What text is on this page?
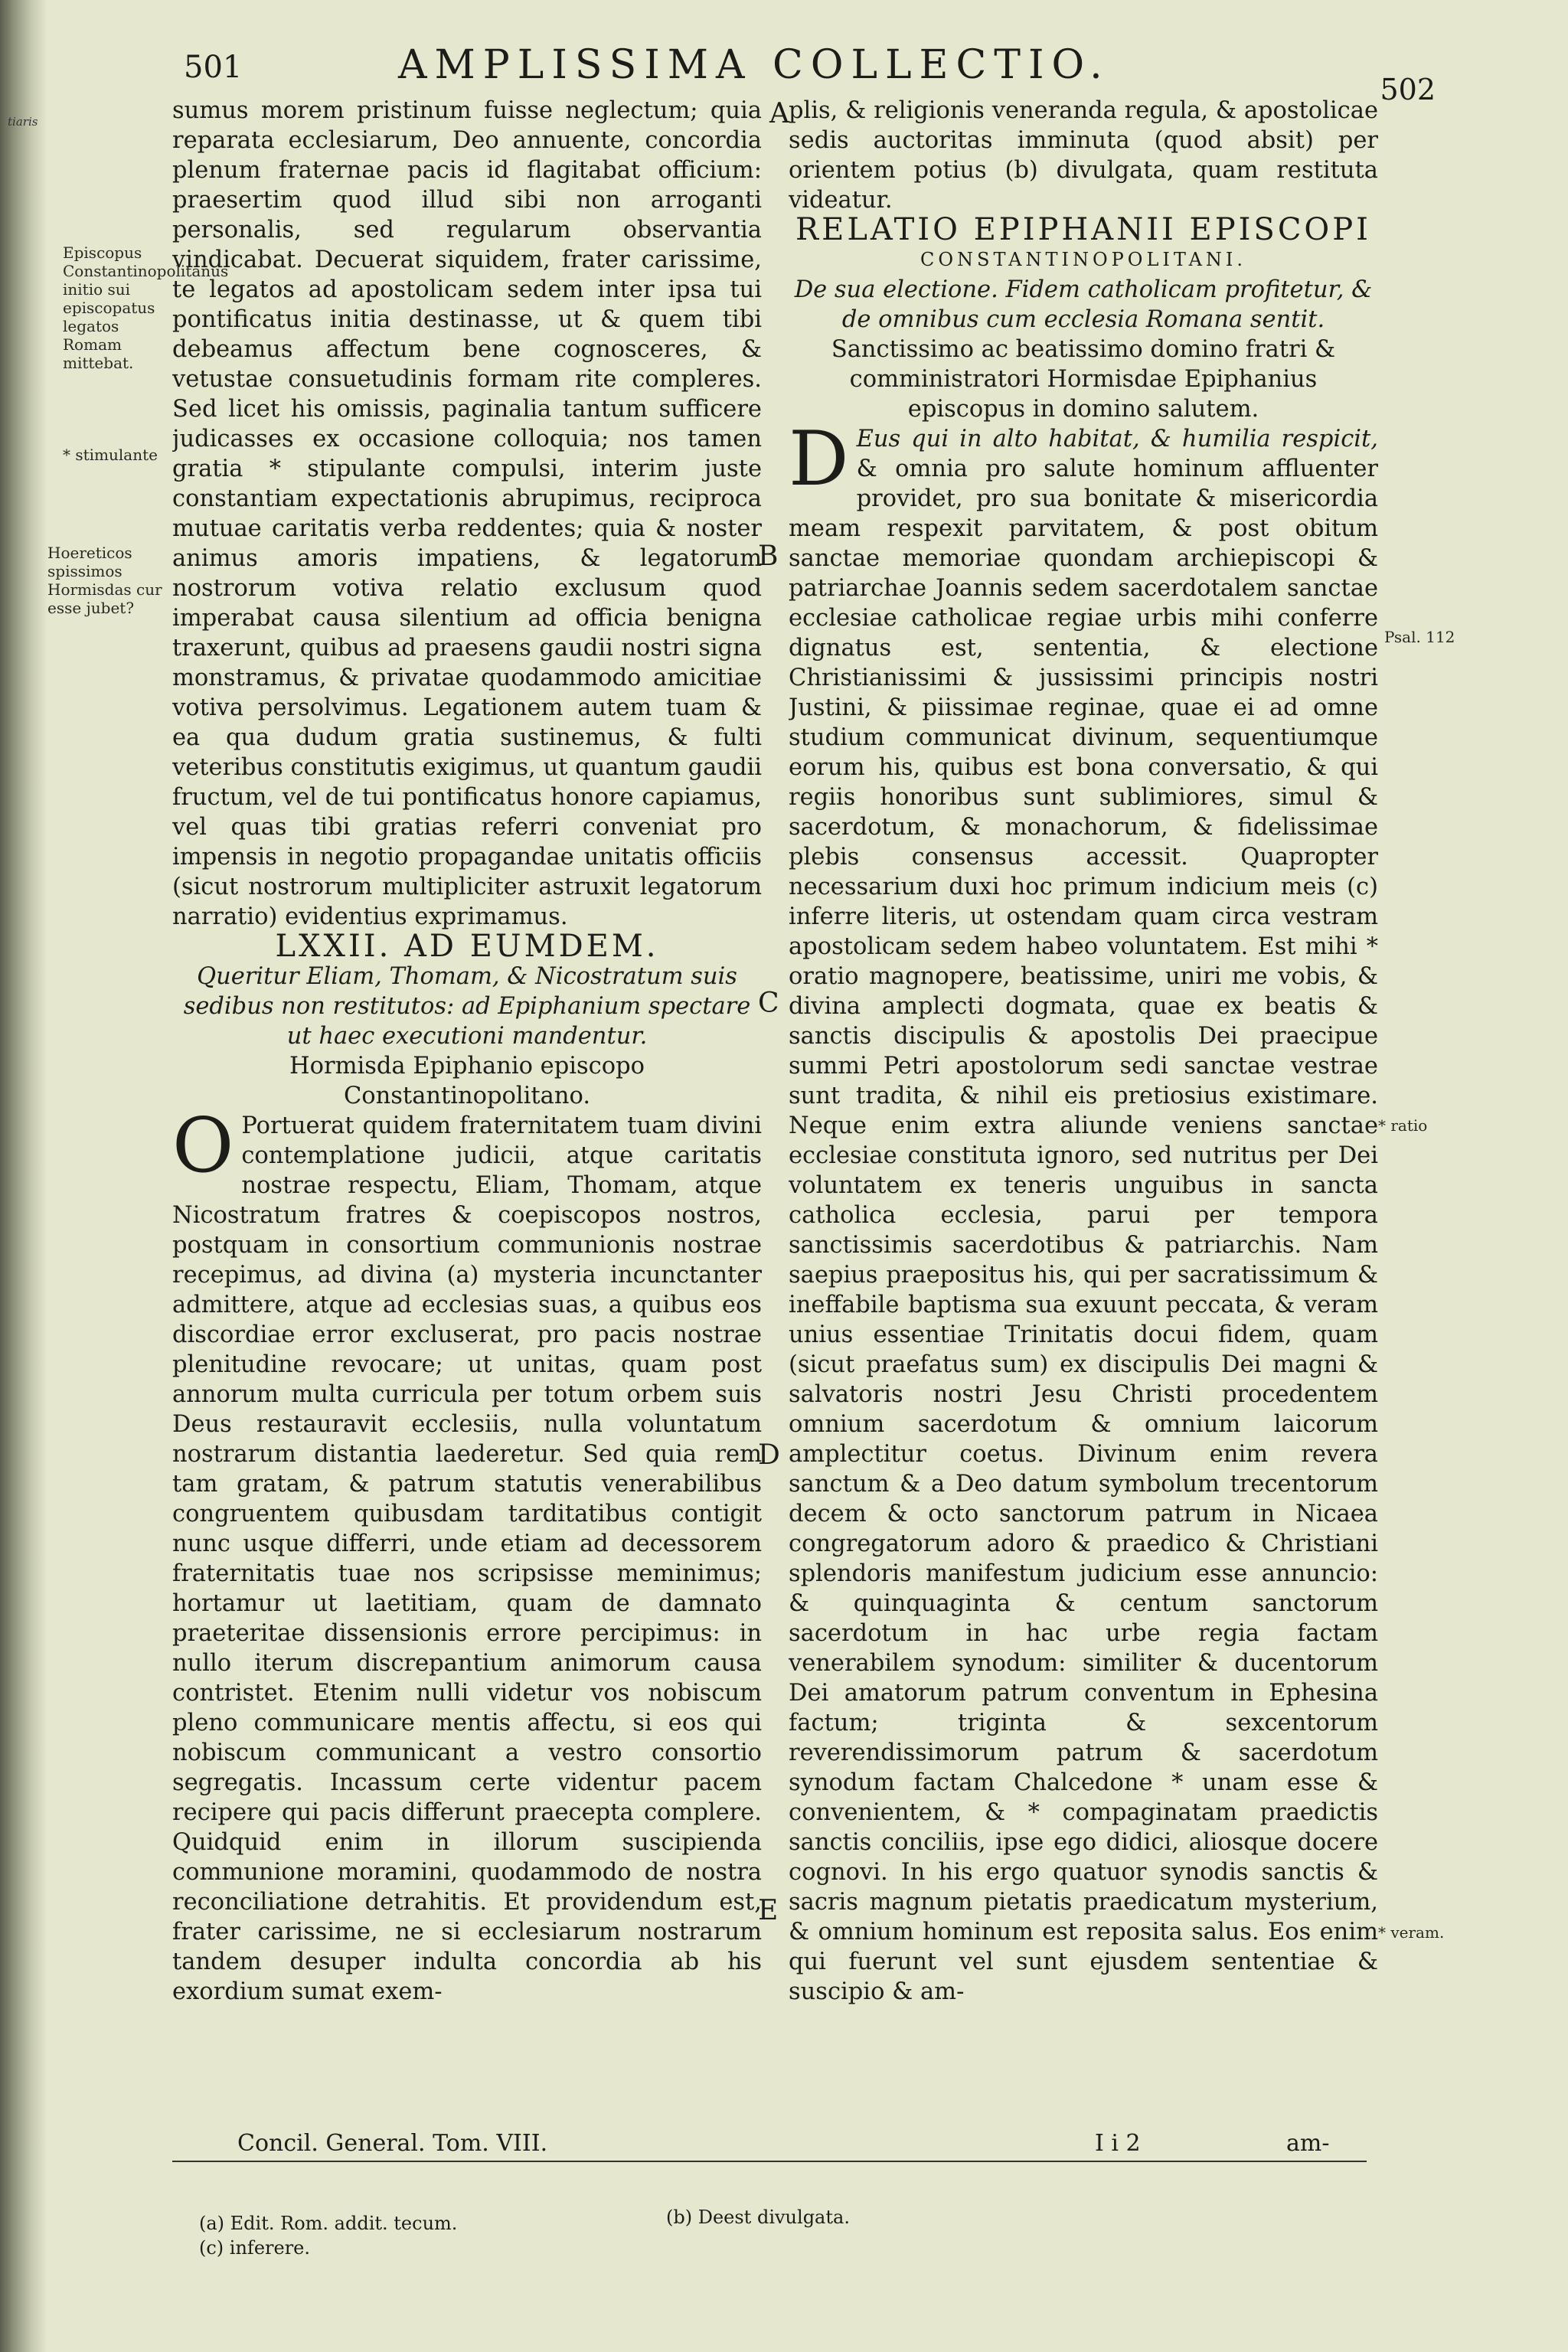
tiaris
501	AMPLISSIMA COLLECTIO.
502

sumus morem pristinum fuisse neglectum; quia reparata ecclesiarum, Deo annuente, concordia plenum fraternae pacis id flagitabat officium: praesertim quod illud sibi non arroganti personalis, sed regularum observantia vindicabat. Decuerat siquidem, frater carissime, te legatos ad apostolicam sedem inter ipsa tui pontificatus initia destinasse, ut & quem tibi debeamus affectum bene cognosceres, & vetustae consuetudinis formam rite compleres. Sed licet his omissis, paginalia tantum sufficere judicasses ex occasione colloquia; nos tamen gratia * stipulante compulsi, interim juste constantiam expectationis abrupimus, reciproca mutuae caritatis verba reddentes; quia & noster animus amoris impatiens, & legatorum nostrorum votiva relatio exclusum quod imperabat causa silentium ad officia benigna traxerunt, quibus ad praesens gaudii nostri signa monstramus, & privatae quodammodo amicitiae votiva persolvimus. Legationem autem tuam & ea qua dudum gratia sustinemus, & fulti veteribus constitutis exigimus, ut quantum gaudii fructum, vel de tui pontificatus honore capiamus, vel quas tibi gratias referri conveniat pro impensis in negotio propagandae unitatis officiis (sicut nostrorum multipliciter astruxit legatorum narratio) evidentius exprimamus.

LXXII. AD EUMDEM.

Queritur Eliam, Thomam, & Nicostratum suis sedibus non restitutos: ad Epiphanium spectare ut haec executioni mandentur.

Hormisda Epiphanio episcopo Constantinopolitano.

O Portuerat quidem fraternitatem tuam divini contemplatione judicii, atque caritatis nostrae respectu, Eliam, Thomam, atque Nicostratum fratres & coepiscopos nostros, postquam in consortium communionis nostrae recepimus, ad divina (a) mysteria incunctanter admittere, atque ad ecclesias suas, a quibus eos discordiae error excluserat, pro pacis nostrae plenitudine revocare; ut unitas, quam post annorum multa curricula per totum orbem suis Deus restauravit ecclesiis, nulla voluntatum nostrarum distantia laederetur. Sed quia rem tam gratam, & patrum statutis venerabilibus congruentem quibusdam tarditatibus contigit nunc usque differri, unde etiam ad decessorem fraternitatis tuae nos scripsisse meminimus; hortamur ut laetitiam, quam de damnato praeteritae dissensionis errore percipimus: in nullo iterum discrepantium animorum causa contristet. Etenim nulli videtur vos nobiscum pleno communicare mentis affectu, si eos qui nobiscum communicant a vestro consortio segregatis. Incassum certe videntur pacem recipere qui pacis differunt praecepta complere. Quidquid enim in illorum suscipienda communione moramini, quodammodo de nostra reconciliatione detrahitis. Et providendum est, frater carissime, ne si ecclesiarum nostrarum tandem desuper indulta concordia ab his exordium sumat exem-

plis, & religionis veneranda regula, & apostolicae sedis auctoritas imminuta (quod absit) per orientem potius (b) divulgata, quam restituta videatur.

RELATIO EPIPHANII EPISCOPI

CONSTANTINOPOLITANI.

De sua electione. Fidem catholicam profitetur, & de omnibus cum ecclesia Romana sentit.

Sanctissimo ac beatissimo domino fratri & comministratori Hormisdae Epiphanius episcopus in domino salutem.

D Eus qui in alto habitat, & humilia respicit, & omnia pro salute hominum affluenter providet, pro sua bonitate & misericordia meam respexit parvitatem, & post obitum sanctae memoriae quondam archiepiscopi & patriarchae Joannis sedem sacerdotalem sanctae ecclesiae catholicae regiae urbis mihi conferre dignatus est, sententia, & electione Christianissimi & jussissimi principis nostri Justini, & piissimae reginae, quae ei ad omne studium communicat divinum, sequentiumque eorum his, quibus est bona conversatio, & qui regiis honoribus sunt sublimiores, simul & sacerdotum, & monachorum, & fidelissimae plebis consensus accessit. Quapropter necessarium duxi hoc primum indicium meis (c) inferre literis, ut ostendam quam circa vestram apostolicam sedem habeo voluntatem. Est mihi * oratio magnopere, beatissime, uniri me vobis, & divina amplecti dogmata, quae ex beatis & sanctis discipulis & apostolis Dei praecipue summi Petri apostolorum sedi sanctae vestrae sunt tradita, & nihil eis pretiosius existimare. Neque enim extra aliunde veniens sanctae ecclesiae constituta ignoro, sed nutritus per Dei voluntatem ex teneris unguibus in sancta catholica ecclesia, parui per tempora sanctissimis sacerdotibus & patriarchis. Nam saepius praepositus his, qui per sacratissimum & ineffabile baptisma sua exuunt peccata, & veram unius essentiae Trinitatis docui fidem, quam (sicut praefatus sum) ex discipulis Dei magni & salvatoris nostri Jesu Christi procedentem omnium sacerdotum & omnium laicorum amplectitur coetus. Divinum enim revera sanctum & a Deo datum symbolum trecentorum decem & octo sanctorum patrum in Nicaea congregatorum adoro & praedico & Christiani splendoris manifestum judicium esse annuncio: & quinquaginta & centum sanctorum sacerdotum in hac urbe regia factam venerabilem synodum: similiter & ducentorum Dei amatorum patrum conventum in Ephesina factum; triginta & sexcentorum reverendissimorum patrum & sacerdotum synodum factam Chalcedone * unam esse & convenientem, & * compaginatam praedictis sanctis conciliis, ipse ego didici, aliosque docere cognovi. In his ergo quatuor synodis sanctis & sacris magnum pietatis praedicatum mysterium, & omnium hominum est reposita salus. Eos enim qui fuerunt vel sunt ejusdem sententiae & suscipio & am-

Episcopus Constantinopolitanus initio sui episcopatus legatos Romam mittebat.
* stimulante
Hoereticos spissimos Hormisdas cur esse jubet?
Psal. 112
* ratio
* veram.
A
B
C
D
E
Concil. General. Tom. VIII.	I i 2	am-
(a) Edit. Rom. addit. tecum.
(c) inferere.
(b) Deest divulgata.
